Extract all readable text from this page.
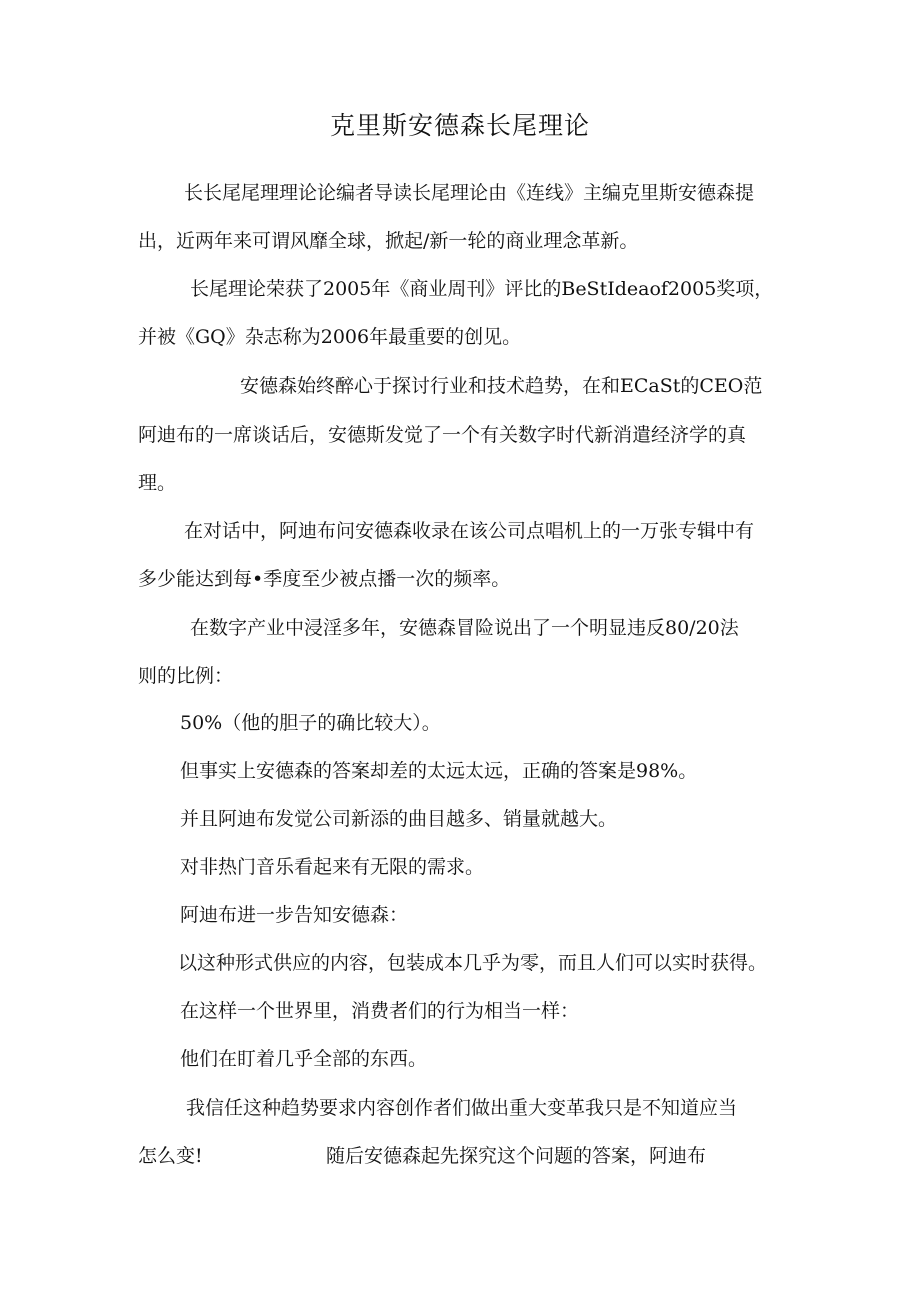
克里斯安德森长尾理论
长长尾尾理理论论编者导读长尾理论由《连线》主编克里斯安德森提
出，近两年来可谓风靡全球，掀起/新一轮的商业理念革新。
长尾理论荣获了2005年《商业周刊》评比的BeStIdeaof2005奖项，
并被《GQ》杂志称为2006年最重要的创见。
安德森始终醉心于探讨行业和技术趋势，在和ECaSt的CEO范
阿迪布的一席谈话后，安德斯发觉了一个有关数字时代新消遣经济学的真
理。
在对话中，阿迪布问安德森收录在该公司点唱机上的一万张专辑中有
多少能达到每•季度至少被点播一次的频率。
在数字产业中浸淫多年，安德森冒险说出了一个明显违反80/20法
则的比例：
50%（他的胆子的确比较大）。
但事实上安德森的答案却差的太远太远，正确的答案是98%。
并且阿迪布发觉公司新添的曲目越多、销量就越大。
对非热门音乐看起来有无限的需求。
阿迪布进一步告知安德森：
以这种形式供应的内容，包装成本几乎为零，而且人们可以实时获得。
在这样一个世界里，消费者们的行为相当一样：
他们在盯着几乎全部的东西。
我信任这种趋势要求内容创作者们做出重大变革我只是不知道应当
怎么变!	随后安德森起先探究这个问题的答案，阿迪布
